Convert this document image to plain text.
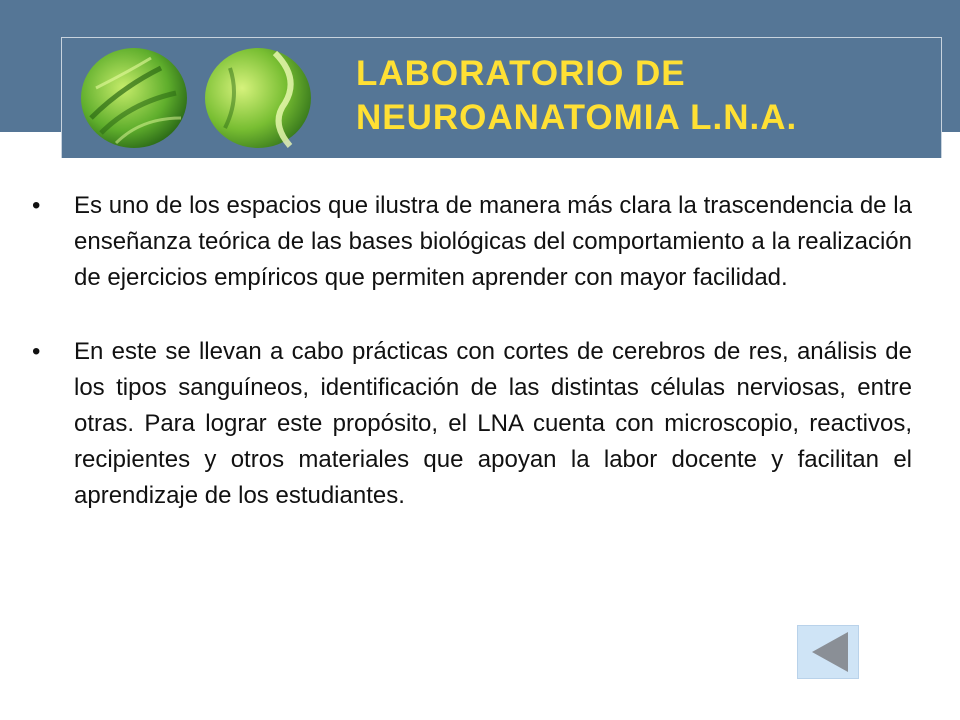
LABORATORIO DE
NEUROANATOMIA L.N.A.
•	Es uno de los espacios que ilustra de manera más clara la trascendencia de la enseñanza teórica de las bases biológicas del comportamiento a la realización de ejercicios empíricos que permiten aprender con mayor facilidad.
•	En este se llevan a cabo prácticas con cortes de cerebros de res, análisis de los tipos sanguíneos, identificación de las distintas células nerviosas, entre otras. Para lograr este propósito, el LNA cuenta con microscopio, reactivos, recipientes y otros materiales que apoyan la labor docente y facilitan el aprendizaje de los estudiantes.
